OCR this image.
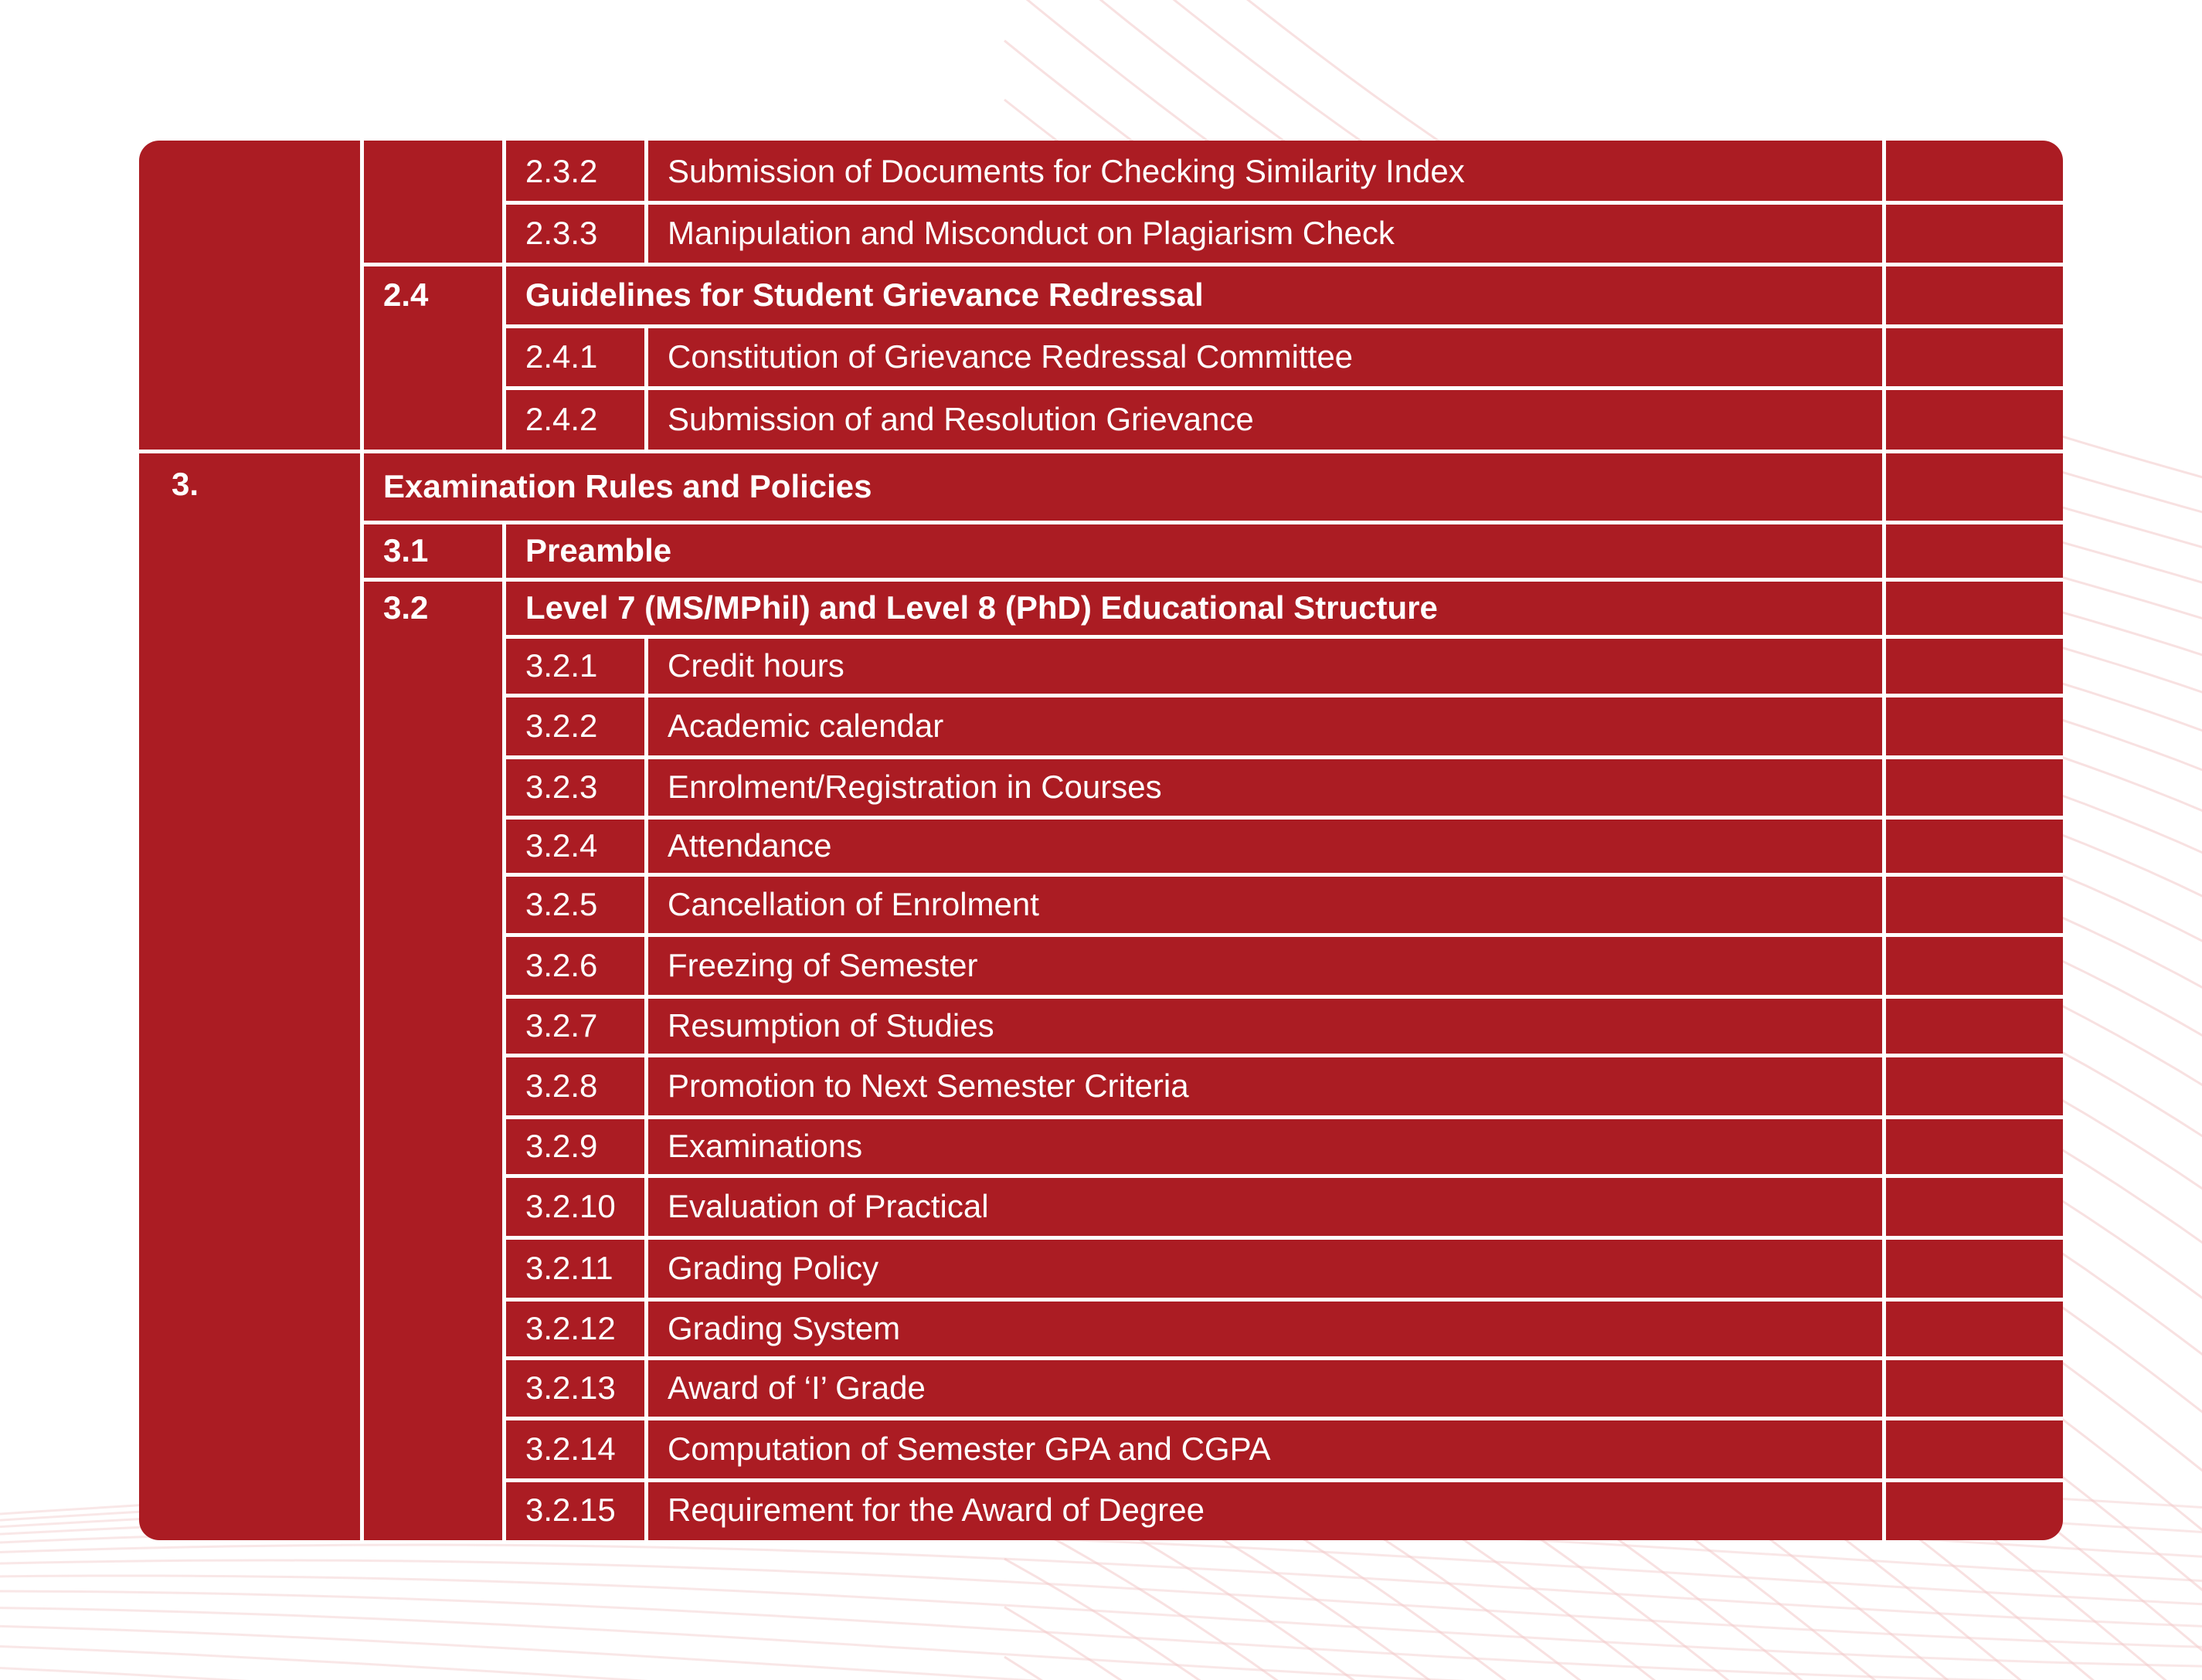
2.3.2 Submission of Documents for Checking Similarity Index
2.3.3 Manipulation and Misconduct on Plagiarism Check
2.4	Guidelines for Student Grievance Redressal
2.4.1 Constitution of Grievance Redressal Committee
2.4.2 Submission of and Resolution Grievance
3.	Examination Rules and Policies
3.1	Preamble
3.2	Level 7 (MS/MPhil) and Level 8 (PhD) Educational Structure
3.2.1 Credit hours
3.2.2 Academic calendar
3.2.3 Enrolment/Registration in Courses
3.2.4 Attendance
3.2.5 Cancellation of Enrolment
3.2.6 Freezing of Semester
3.2.7 Resumption of Studies
3.2.8 Promotion to Next Semester Criteria
3.2.9 Examinations
3.2.10 Evaluation of Practical
3.2.11 Grading Policy
3.2.12 Grading System
3.2.13 Award of ‘I’ Grade
3.2.14 Computation of Semester GPA and CGPA
3.2.15 Requirement for the Award of Degree
